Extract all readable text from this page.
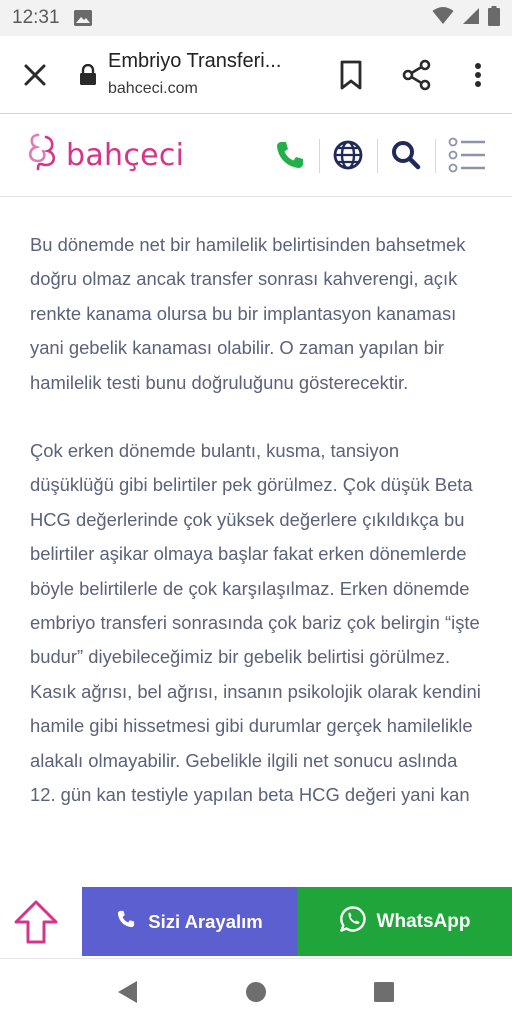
12:31
Embriyo Transferi...
bahceci.com
bahçeci

Bu dönemde net bir hamilelik belirtisinden bahsetmek doğru olmaz ancak transfer sonrası kahverengi, açık renkte kanama olursa bu bir implantasyon kanaması yani gebelik kanaması olabilir. O zaman yapılan bir hamilelik testi bunu doğruluğunu gösterecektir.

Çok erken dönemde bulantı, kusma, tansiyon düşüklüğü gibi belirtiler pek görülmez. Çok düşük Beta HCG değerlerinde çok yüksek değerlere çıkıldıkça bu belirtiler aşikar olmaya başlar fakat erken dönemlerde böyle belirtilerle de çok karşılaşılmaz. Erken dönemde embriyo transferi sonrasında çok bariz çok belirgin “işte budur” diyebileceğimiz bir gebelik belirtisi görülmez. Kasık ağrısı, bel ağrısı, insanın psikolojik olarak kendini hamile gibi hissetmesi gibi durumlar gerçek hamilelikle alakalı olmayabilir. Gebelikle ilgili net sonucu aslında 12. gün kan testiyle yapılan beta HCG değeri yani kan

Sizi Arayalım	WhatsApp
